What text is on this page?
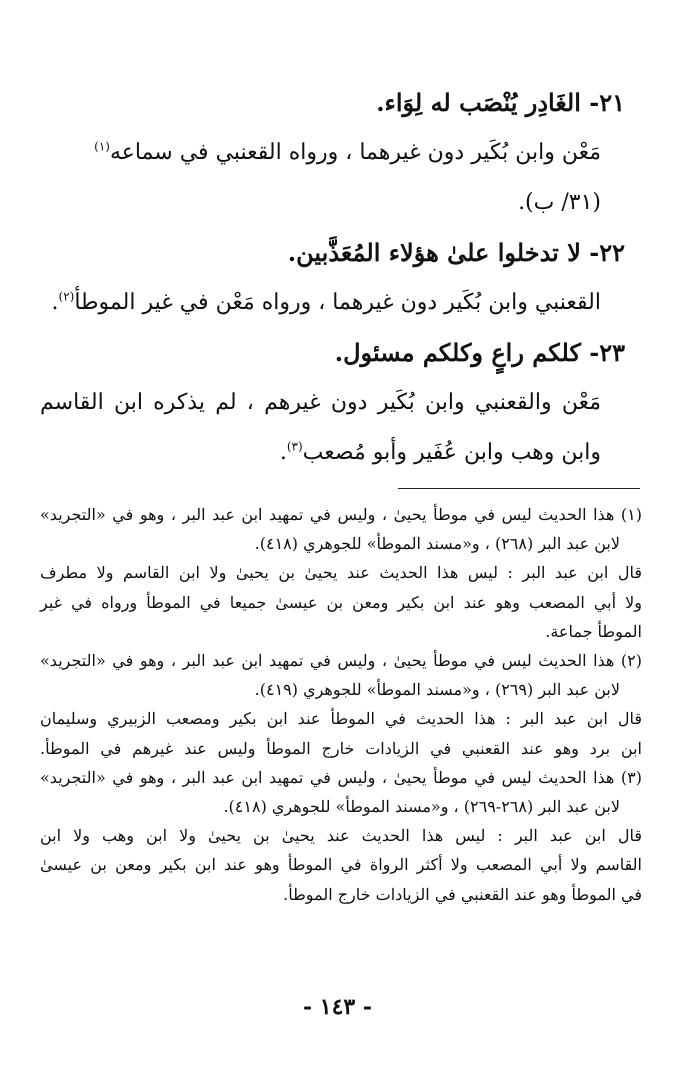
٢١- الغَادِر يُنْصَب له لِوَاء.

مَعْن وابن بُكَير دون غيرهما ، ورواه القعنبي في سماعه$^{(١)}$

(٣١/ ب).

٢٢- لا تدخلوا علىٰ هؤلاء المُعَذَّبين.

القعنبي وابن بُكَير دون غيرهما ، ورواه مَعْن في غير الموطأ$^{(٢)}$.

٢٣- كلكم راعٍ وكلكم مسئول.

مَعْن والقعنبي وابن بُكَير دون غيرهم ، لم يذكره ابن القاسم

وابن وهب وابن عُفَير وأبو مُصعب$^{(٣)}$.

(١) هذا الحديث ليس في موطأ يحيىٰ ، وليس في تمهيد ابن عبد البر ، وهو في «التجريد»

لابن عبد البر (٢٦٨) ، و«مسند الموطأ» للجوهري (٤١٨).

قال ابن عبد البر : ليس هذا الحديث عند يحيىٰ بن يحيىٰ ولا ابن القاسم ولا مطرف

ولا أبي المصعب وهو عند ابن بكير ومعن بن عيسىٰ جميعا في الموطأ ورواه في غير

الموطأ جماعة.

(٢) هذا الحديث ليس في موطأ يحيىٰ ، وليس في تمهيد ابن عبد البر ، وهو في «التجريد»

لابن عبد البر (٢٦٩) ، و«مسند الموطأ» للجوهري (٤١٩).

قال ابن عبد البر : هذا الحديث في الموطأ عند ابن بكير ومصعب الزبيري وسليمان

ابن برد وهو عند القعنبي في الزيادات خارج الموطأ وليس عند غيرهم في الموطأ.

(٣) هذا الحديث ليس في موطأ يحيىٰ ، وليس في تمهيد ابن عبد البر ، وهو في «التجريد»

لابن عبد البر (٢٦٨-٢٦٩) ، و«مسند الموطأ» للجوهري (٤١٨).

قال ابن عبد البر : ليس هذا الحديث عند يحيىٰ بن يحيىٰ ولا ابن وهب ولا ابن

القاسم ولا أبي المصعب ولا أكثر الرواة في الموطأ وهو عند ابن بكير ومعن بن عيسىٰ

في الموطأ وهو عند القعنبي في الزيادات خارج الموطأ.

- ١٤٣ -
